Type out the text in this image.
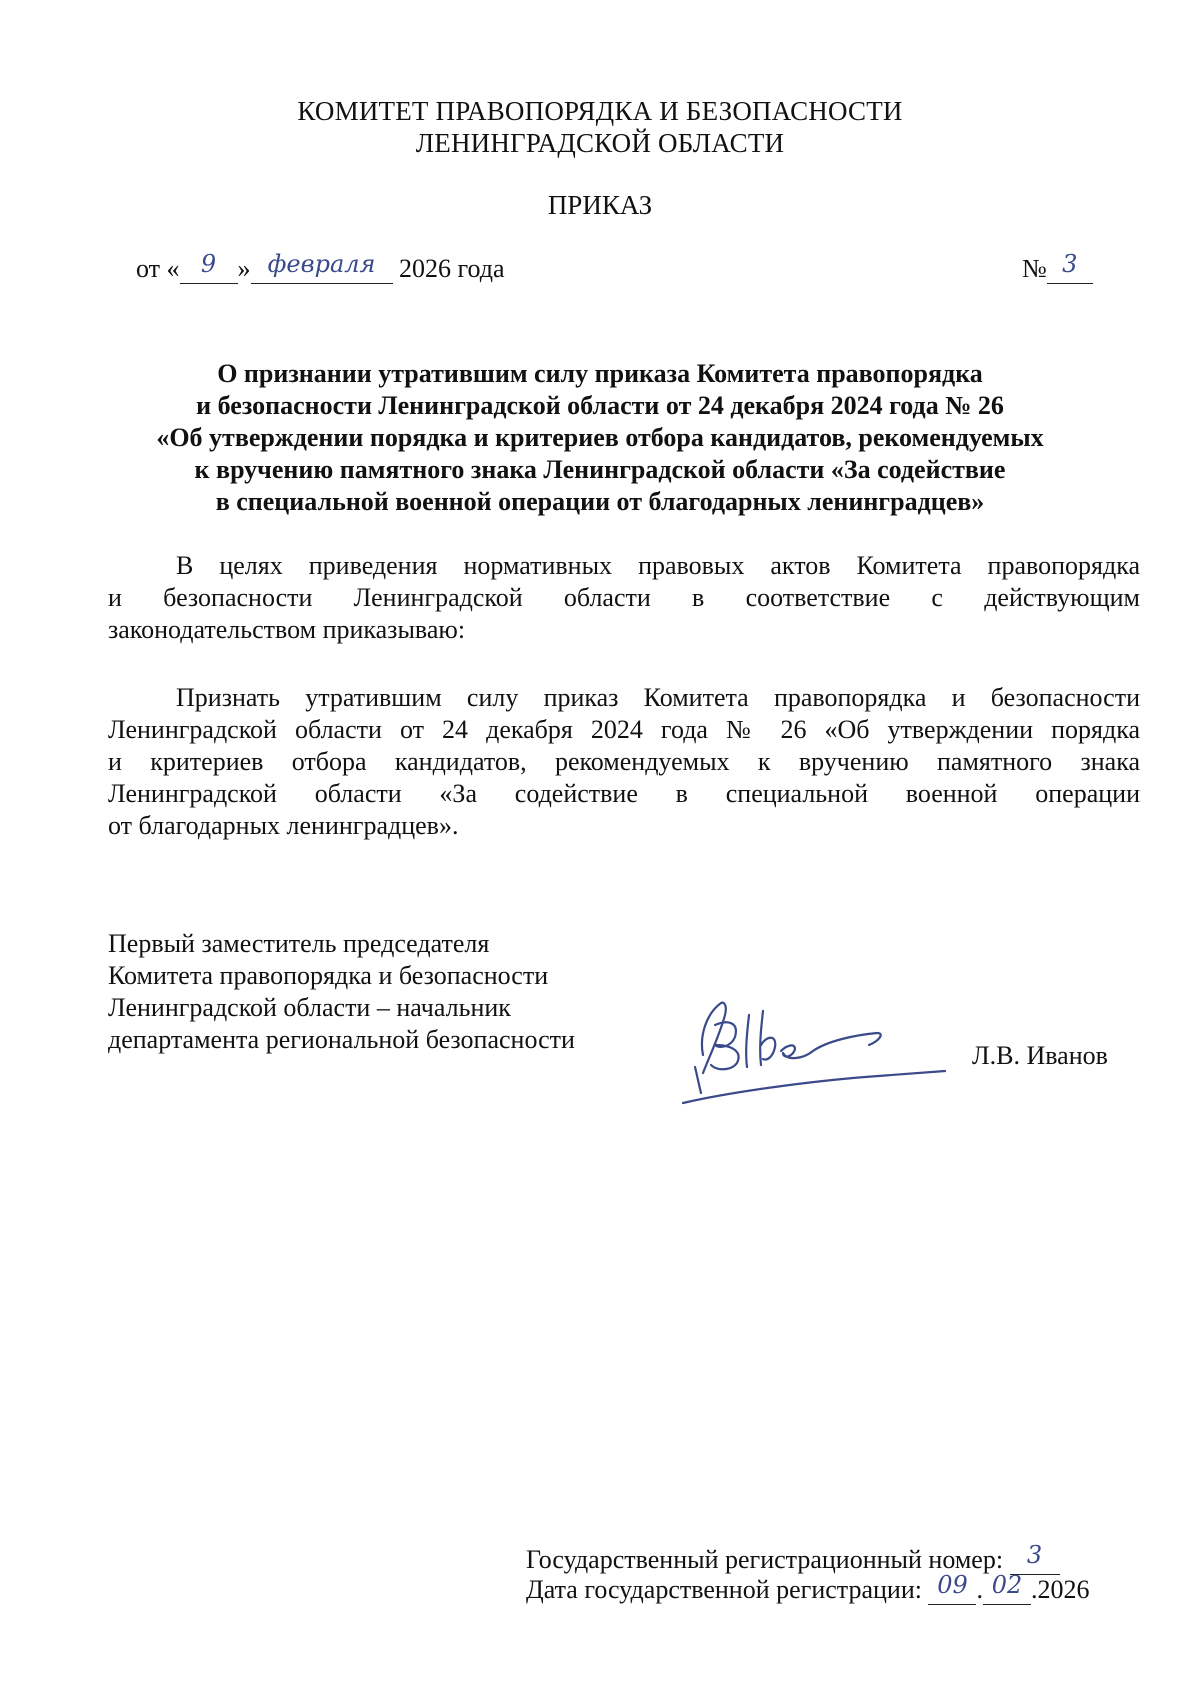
КОМИТЕТ ПРАВОПОРЯДКА И БЕЗОПАСНОСТИ
ЛЕНИНГРАДСКОЙ ОБЛАСТИ
ПРИКАЗ
от « 9 » февраля 2026 года	№ 3
О признании утратившим силу приказа Комитета правопорядка
и безопасности Ленинградской области от 24 декабря 2024 года № 26
«Об утверждении порядка и критериев отбора кандидатов, рекомендуемых
к вручению памятного знака Ленинградской области «За содействие
в специальной военной операции от благодарных ленинградцев»
В целях приведения нормативных правовых актов Комитета правопорядка
и безопасности Ленинградской области в соответствие с действующим
законодательством приказываю:
Признать утратившим силу приказ Комитета правопорядка и безопасности
Ленинградской области от 24 декабря 2024 года № 26 «Об утверждении порядка
и критериев отбора кандидатов, рекомендуемых к вручению памятного знака
Ленинградской области «За содействие в специальной военной операции
от благодарных ленинградцев».
Первый заместитель председателя
Комитета правопорядка и безопасности
Ленинградской области – начальник
департамента региональной безопасности
Л.В. Иванов
Государственный регистрационный номер: 3
Дата государственной регистрации: 09 . 02 .2026
